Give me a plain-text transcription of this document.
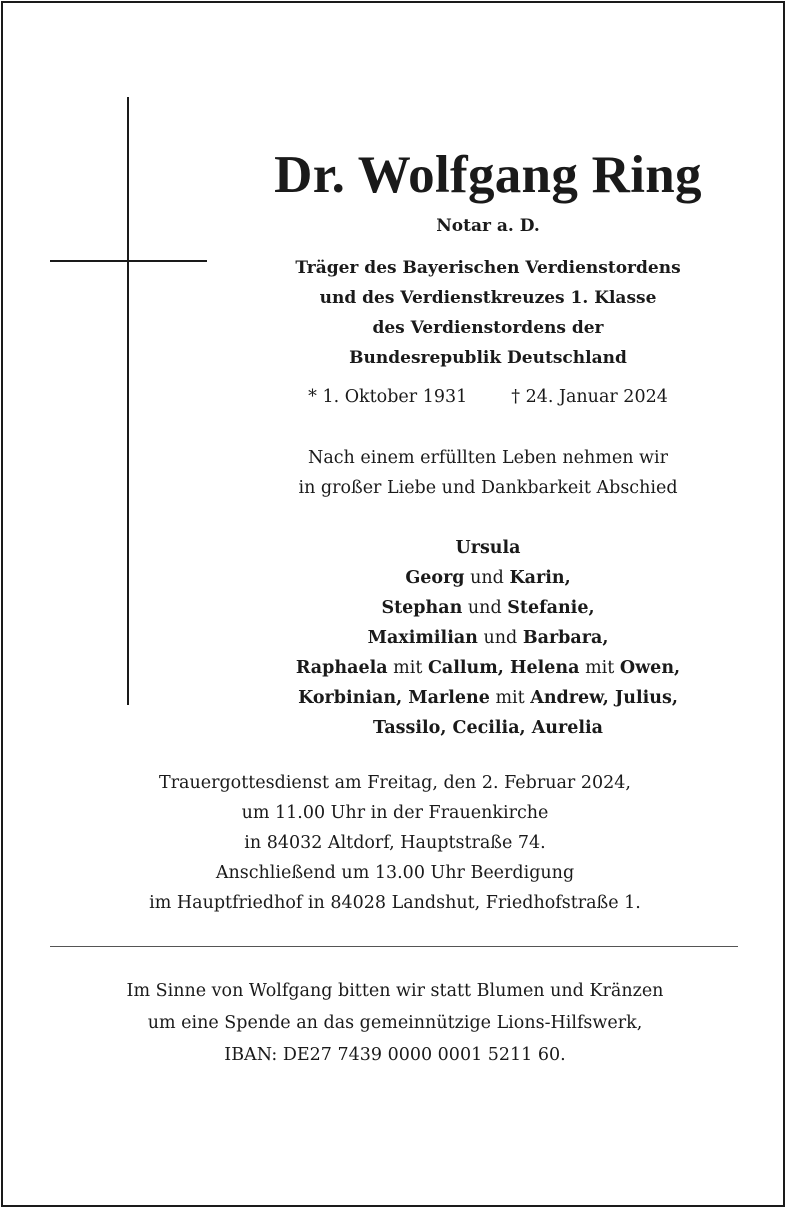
Dr. Wolfgang Ring
Notar a. D.
Träger des Bayerischen Verdienstordens
und des Verdienstkreuzes 1. Klasse
des Verdienstordens der
Bundesrepublik Deutschland
* 1. Oktober 1931	† 24. Januar 2024
Nach einem erfüllten Leben nehmen wir
in großer Liebe und Dankbarkeit Abschied
Ursula
Georg und Karin,
Stephan und Stefanie,
Maximilian und Barbara,
Raphaela mit Callum, Helena mit Owen,
Korbinian, Marlene mit Andrew, Julius,
Tassilo, Cecilia, Aurelia
Trauergottesdienst am Freitag, den 2. Februar 2024,
um 11.00 Uhr in der Frauenkirche
in 84032 Altdorf, Hauptstraße 74.
Anschließend um 13.00 Uhr Beerdigung
im Hauptfriedhof in 84028 Landshut, Friedhofstraße 1.
Im Sinne von Wolfgang bitten wir statt Blumen und Kränzen
um eine Spende an das gemeinnützige Lions-Hilfswerk,
IBAN: DE27 7439 0000 0001 5211 60.
